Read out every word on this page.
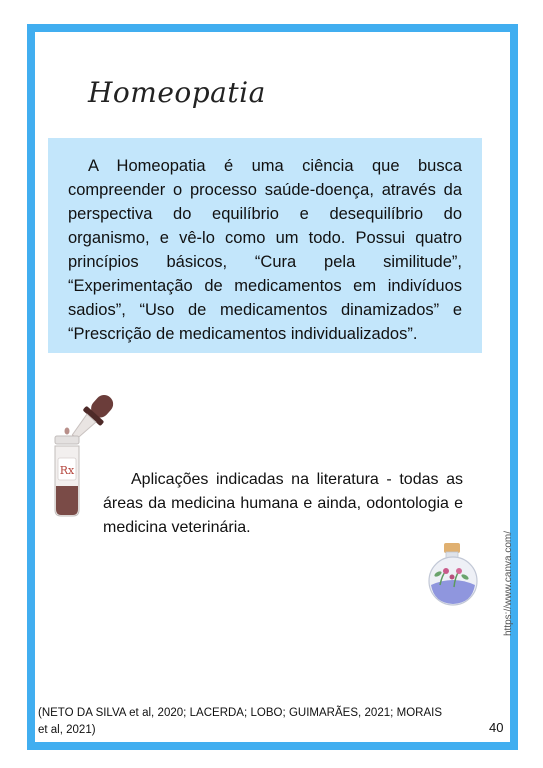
Homeopatia

A Homeopatia é uma ciência que busca compreender o processo saúde-doença, através da perspectiva do equilíbrio e desequilíbrio do organismo, e vê-lo como um todo. Possui quatro princípios básicos, “Cura pela similitude”, “Experimentação de medicamentos em indivíduos sadios”, “Uso de medicamentos dinamizados” e “Prescrição de medicamentos individualizados”.

Rx

Aplicações indicadas na literatura - todas as áreas da medicina humana e ainda, odontologia e medicina veterinária.

https://www.canva.com/

(NETO DA SILVA et al, 2020; LACERDA; LOBO; GUIMARÃES, 2021; MORAIS et al, 2021)	40
